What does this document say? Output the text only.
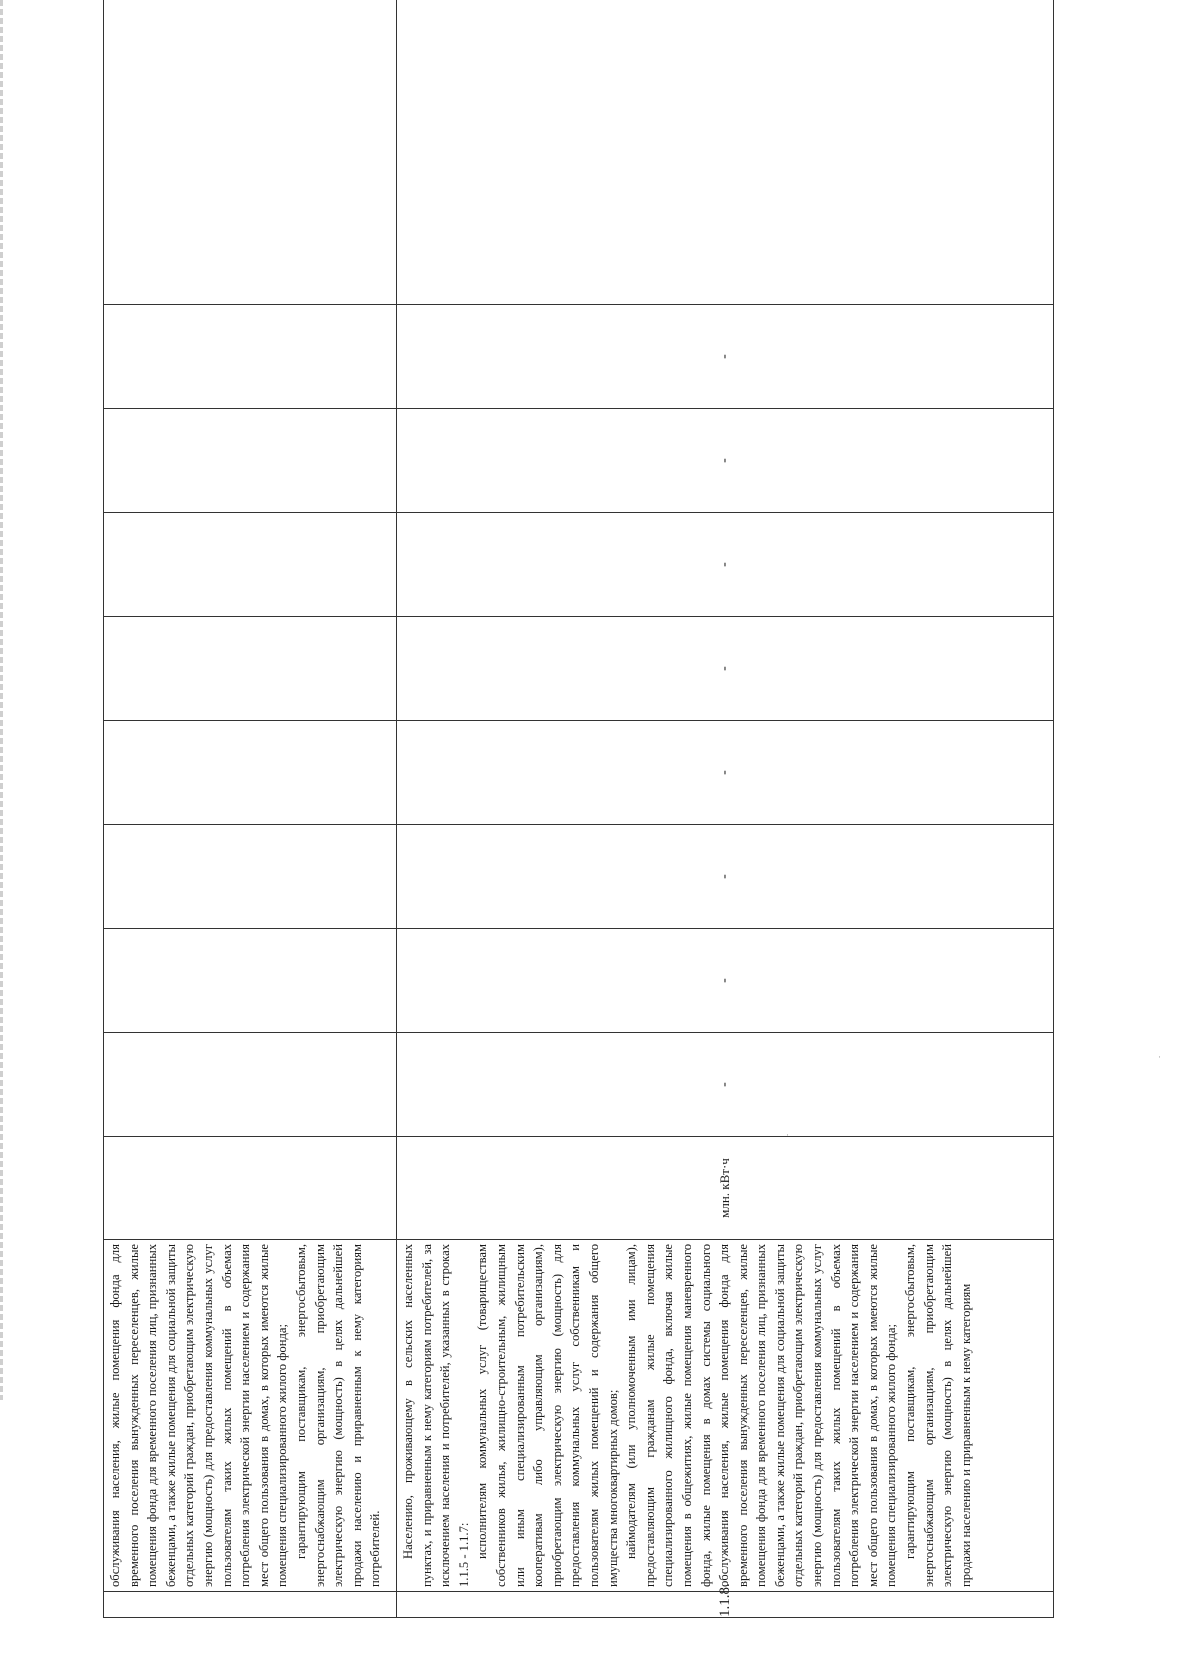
·
·

	обслуживания населения, жилые помещения фонда для временного поселения вынужденных переселенцев, жилые помещения фонда для временного поселения лиц, признанных беженцами, а также жилые помещения для социальной защиты отдельных категорий граждан, приобретающим электрическую энергию (мощность) для предоставления коммунальных услуг пользователям таких жилых помещений в объемах потребления электрической энергии населением и содержания мест общего пользования в домах, в которых имеются жилые помещения специализированного жилого фонда; гарантирующим поставщикам, энергосбытовым, энергоснабжающим организациям, приобретающим электрическую энергию (мощность) в целях дальнейшей продажи населению и приравненным к нему категориям потребителей.										

1.1.8.	Населению, проживающему в сельских населенных пунктах, и приравненным к нему категориям потребителей, за исключением населения и потребителей, указанных в строках 1.1.5 - 1.1.7: исполнителям коммунальных услуг (товариществам собственников жилья, жилищно-строительным, жилищным или иным специализированным потребительским кооперативам либо управляющим организациям), приобретающим электрическую энергию (мощность) для предоставления коммунальных услуг собственникам и пользователям жилых помещений и содержания общего имущества многоквартирных домов; наймодателям (или уполномоченным ими лицам), предоставляющим гражданам жилые помещения специализированного жилищного фонда, включая жилые помещения в общежитиях, жилые помещения маневренного фонда, жилые помещения в домах системы социального обслуживания населения, жилые помещения фонда для временного поселения вынужденных переселенцев, жилые помещения фонда для временного поселения лиц, признанных беженцами, а также жилые помещения для социальной защиты отдельных категорий граждан, приобретающим электрическую энергию (мощность) для предоставления коммунальных услуг пользователям таких жилых помещений в объемах потребления электрической энергии населением и содержания мест общего пользования в домах, в которых имеются жилые помещения специализированного жилого фонда; гарантирующим поставщикам, энергосбытовым, энергоснабжающим организациям, приобретающим электрическую энергию (мощность) в целях дальнейшей продажи населению и приравненным к нему категориям	млн. кВт·ч	-	-	-	-	-	-	-	-	
